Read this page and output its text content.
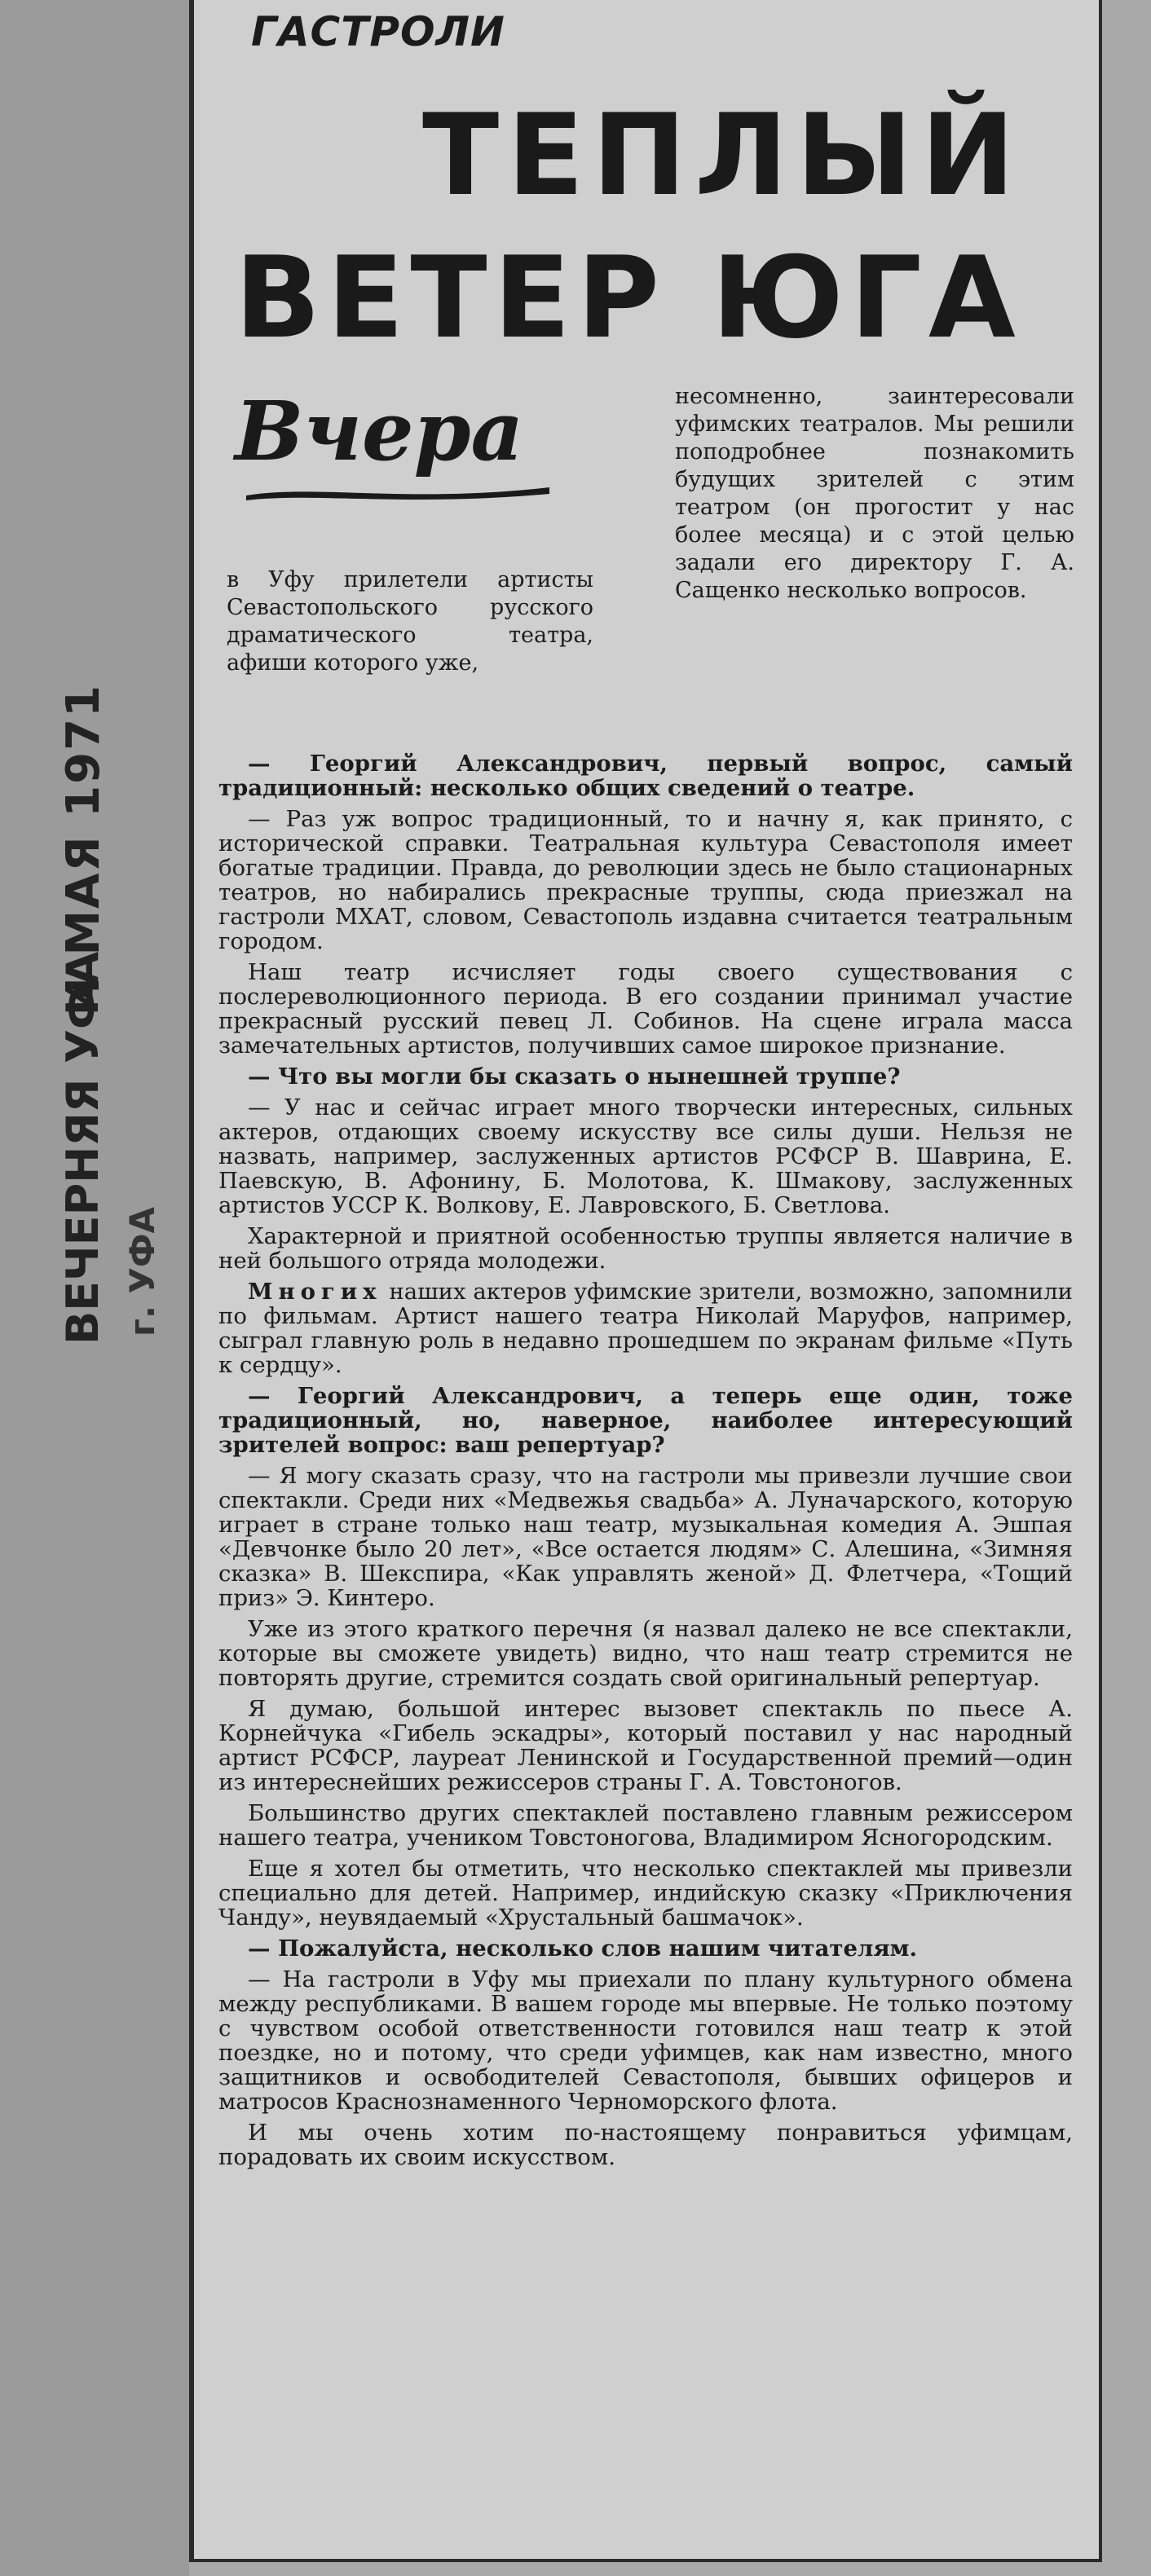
4 МАЯ 1971
ВЕЧЕРНЯЯ УФА г. УФА
ГАСТРОЛИ
ТЕПЛЫЙ
ВЕТЕР ЮГА
Вчера
в Уфу прилетели артисты Севастопольского русского драматического театра, афиши которого уже,
несомненно, заинтересовали уфимских театралов. Мы решили поподробнее познакомить будущих зрителей с этим театром (он прогостит у нас более месяца) и с этой целью задали его директору Г. А. Сащенко несколько вопросов.

— Георгий Александрович, первый вопрос, самый традиционный: несколько общих сведений о театре.

— Раз уж вопрос традиционный, то и начну я, как принято, с исторической справки. Театральная культура Севастополя имеет богатые традиции. Правда, до революции здесь не было стационарных театров, но набирались прекрасные труппы, сюда приезжал на гастроли МХАТ, словом, Севастополь издавна считается театральным городом.

Наш театр исчисляет годы своего существования с послереволюционного периода. В его создании принимал участие прекрасный русский певец Л. Собинов. На сцене играла масса замечательных артистов, получивших самое широкое признание.

— Что вы могли бы сказать о нынешней труппе?

— У нас и сейчас играет много творчески интересных, сильных актеров, отдающих своему искусству все силы души. Нельзя не назвать, например, заслуженных артистов РСФСР В. Шаврина, Е. Паевскую, В. Афонину, Б. Молотова, К. Шмакову, заслуженных артистов УССР К. Волкову, Е. Лавровского, Б. Светлова.

Характерной и приятной особенностью труппы является наличие в ней большого отряда молодежи.

Многих наших актеров уфимские зрители, возможно, запомнили по фильмам. Артист нашего театра Николай Маруфов, например, сыграл главную роль в недавно прошедшем по экранам фильме «Путь к сердцу».

— Георгий Александрович, а теперь еще один, тоже традиционный, но, наверное, наиболее интересующий зрителей вопрос: ваш репертуар?

— Я могу сказать сразу, что на гастроли мы привезли лучшие свои спектакли. Среди них «Медвежья свадьба» А. Луначарского, которую играет в стране только наш театр, музыкальная комедия А. Эшпая «Девчонке было 20 лет», «Все остается людям» С. Алешина, «Зимняя сказка» В. Шекспира, «Как управлять женой» Д. Флетчера, «Тощий приз» Э. Кинтеро.

Уже из этого краткого перечня (я назвал далеко не все спектакли, которые вы сможете увидеть) видно, что наш театр стремится не повторять другие, стремится создать свой оригинальный репертуар.

Я думаю, большой интерес вызовет спектакль по пьесе А. Корнейчука «Гибель эскадры», который поставил у нас народный артист РСФСР, лауреат Ленинской и Государственной премий—один из интереснейших режиссеров страны Г. А. Товстоногов.

Большинство других спектаклей поставлено главным режиссером нашего театра, учеником Товстоногова, Владимиром Ясногородским.

Еще я хотел бы отметить, что несколько спектаклей мы привезли специально для детей. Например, индийскую сказку «Приключения Чанду», неувядаемый «Хрустальный башмачок».

— Пожалуйста, несколько слов нашим читателям.

— На гастроли в Уфу мы приехали по плану культурного обмена между республиками. В вашем городе мы впервые. Не только поэтому с чувством особой ответственности готовился наш театр к этой поездке, но и потому, что среди уфимцев, как нам известно, много защитников и освободителей Севастополя, бывших офицеров и матросов Краснознаменного Черноморского флота.

И мы очень хотим по-настоящему понравиться уфимцам, порадовать их своим искусством.
